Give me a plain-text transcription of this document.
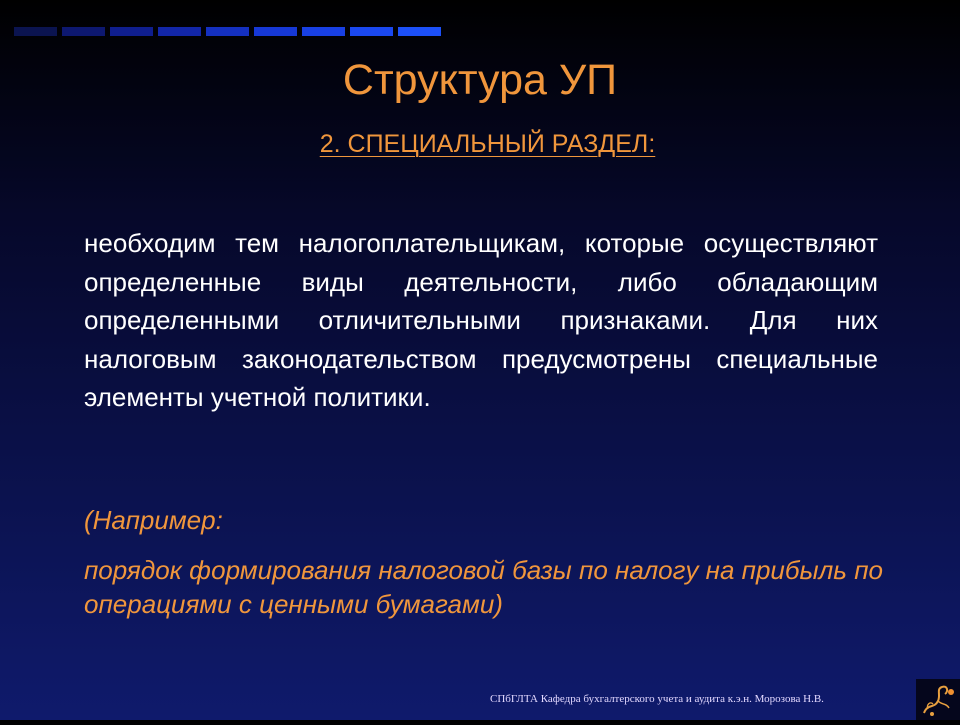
Структура УП
2. СПЕЦИАЛЬНЫЙ РАЗДЕЛ:
необходим тем налогоплательщикам, которые осуществляют определенные виды деятельности, либо обладающим определенными отличительными признаками. Для них налоговым законодательством предусмотрены специальные элементы учетной политики.
(Например:
порядок формирования налоговой базы по налогу на прибыль по операциями с ценными бумагами)
СПбГЛТА Кафедра бухгалтерского учета и аудита к.э.н. Морозова Н.В.
